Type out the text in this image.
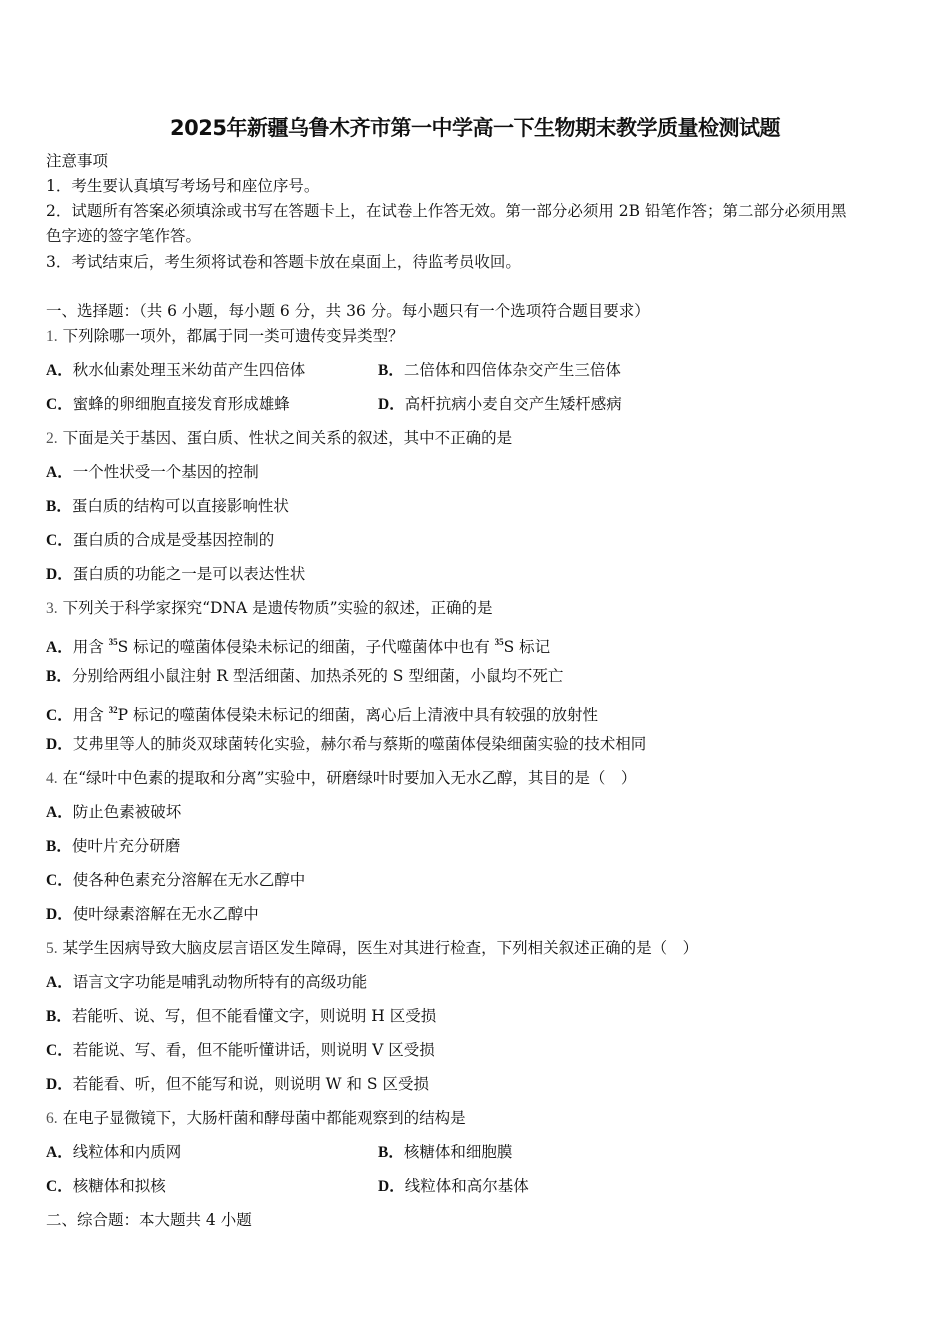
2025年新疆乌鲁木齐市第一中学高一下生物期末教学质量检测试题
注意事项
1．考生要认真填写考场号和座位序号。
2．试题所有答案必须填涂或书写在答题卡上，在试卷上作答无效。第一部分必须用 2B 铅笔作答；第二部分必须用黑
色字迹的签字笔作答。
3．考试结束后，考生须将试卷和答题卡放在桌面上，待监考员收回。
一、选择题：（共 6 小题，每小题 6 分，共 36 分。每小题只有一个选项符合题目要求）
1. 下列除哪一项外，都属于同一类可遗传变异类型？
A．秋水仙素处理玉米幼苗产生四倍体	B．二倍体和四倍体杂交产生三倍体
C．蜜蜂的卵细胞直接发育形成雄蜂	D．高杆抗病小麦自交产生矮杆感病
2. 下面是关于基因、蛋白质、性状之间关系的叙述，其中不正确的是
A．一个性状受一个基因的控制
B．蛋白质的结构可以直接影响性状
C．蛋白质的合成是受基因控制的
D．蛋白质的功能之一是可以表达性状
3. 下列关于科学家探究“DNA 是遗传物质”实验的叙述，正确的是
A．用含 $^{35}$S 标记的噬菌体侵染未标记的细菌，子代噬菌体中也有 $^{35}$S 标记
B．分别给两组小鼠注射 R 型活细菌、加热杀死的 S 型细菌，小鼠均不死亡
C．用含 $^{32}$P 标记的噬菌体侵染未标记的细菌，离心后上清液中具有较强的放射性
D．艾弗里等人的肺炎双球菌转化实验，赫尔希与蔡斯的噬菌体侵染细菌实验的技术相同
4. 在“绿叶中色素的提取和分离”实验中，研磨绿叶时要加入无水乙醇，其目的是（　）
A．防止色素被破坏
B．使叶片充分研磨
C．使各种色素充分溶解在无水乙醇中
D．使叶绿素溶解在无水乙醇中
5. 某学生因病导致大脑皮层言语区发生障碍，医生对其进行检查，下列相关叙述正确的是（　）
A．语言文字功能是哺乳动物所特有的高级功能
B．若能听、说、写，但不能看懂文字，则说明 H 区受损
C．若能说、写、看，但不能听懂讲话，则说明 V 区受损
D．若能看、听，但不能写和说，则说明 W 和 S 区受损
6. 在电子显微镜下，大肠杆菌和酵母菌中都能观察到的结构是
A．线粒体和内质网	B．核糖体和细胞膜
C．核糖体和拟核	D．线粒体和高尔基体
二、综合题：本大题共 4 小题
